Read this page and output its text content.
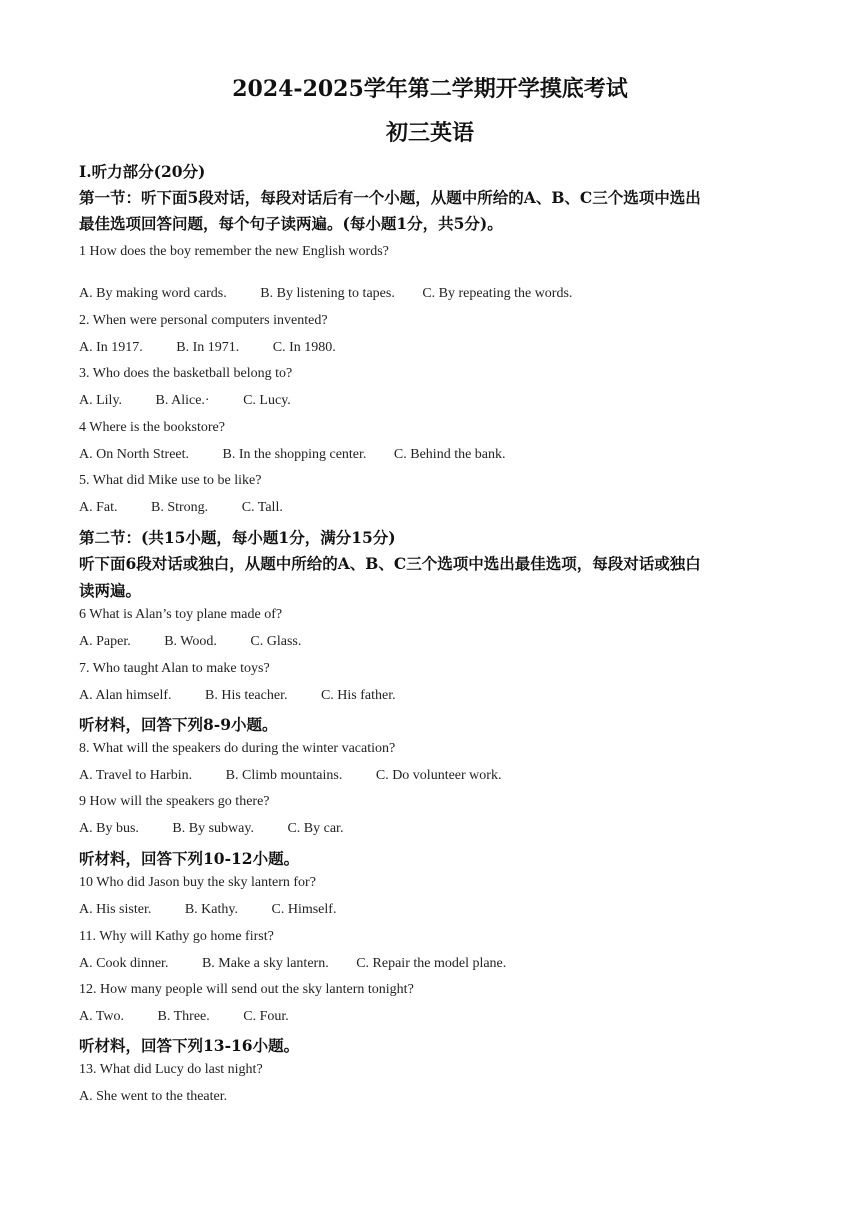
2024-2025学年第二学期开学摸底考试
初三英语
I.听力部分(20分)
第一节：听下面5段对话，每段对话后有一个小题，从题中所给的A、B、C三个选项中选出
最佳选项回答问题，每个句子读两遍。(每小题1分，共5分)。
1 How does the boy remember the new English words?
A. By making word cards. B. By listening to tapes. C. By repeating the words.
2. When were personal computers invented?
A. In 1917. B. In 1971. C. In 1980.
3. Who does the basketball belong to?
A. Lily. B. Alice.· C. Lucy.
4 Where is the bookstore?
A. On North Street. B. In the shopping center. C. Behind the bank.
5. What did Mike use to be like?
A. Fat. B. Strong. C. Tall.
第二节：(共15小题，每小题1分，满分15分)
听下面6段对话或独白，从题中所给的A、B、C三个选项中选出最佳选项，每段对话或独白
读两遍。
6 What is Alan’s toy plane made of?
A. Paper. B. Wood. C. Glass.
7. Who taught Alan to make toys?
A. Alan himself. B. His teacher. C. His father.
听材料，回答下列8-9小题。
8. What will the speakers do during the winter vacation?
A. Travel to Harbin. B. Climb mountains. C. Do volunteer work.
9 How will the speakers go there?
A. By bus. B. By subway. C. By car.
听材料，回答下列10-12小题。
10 Who did Jason buy the sky lantern for?
A. His sister. B. Kathy. C. Himself.
11. Why will Kathy go home first?
A. Cook dinner. B. Make a sky lantern. C. Repair the model plane.
12. How many people will send out the sky lantern tonight?
A. Two. B. Three. C. Four.
听材料，回答下列13-16小题。
13. What did Lucy do last night?
A. She went to the theater.
